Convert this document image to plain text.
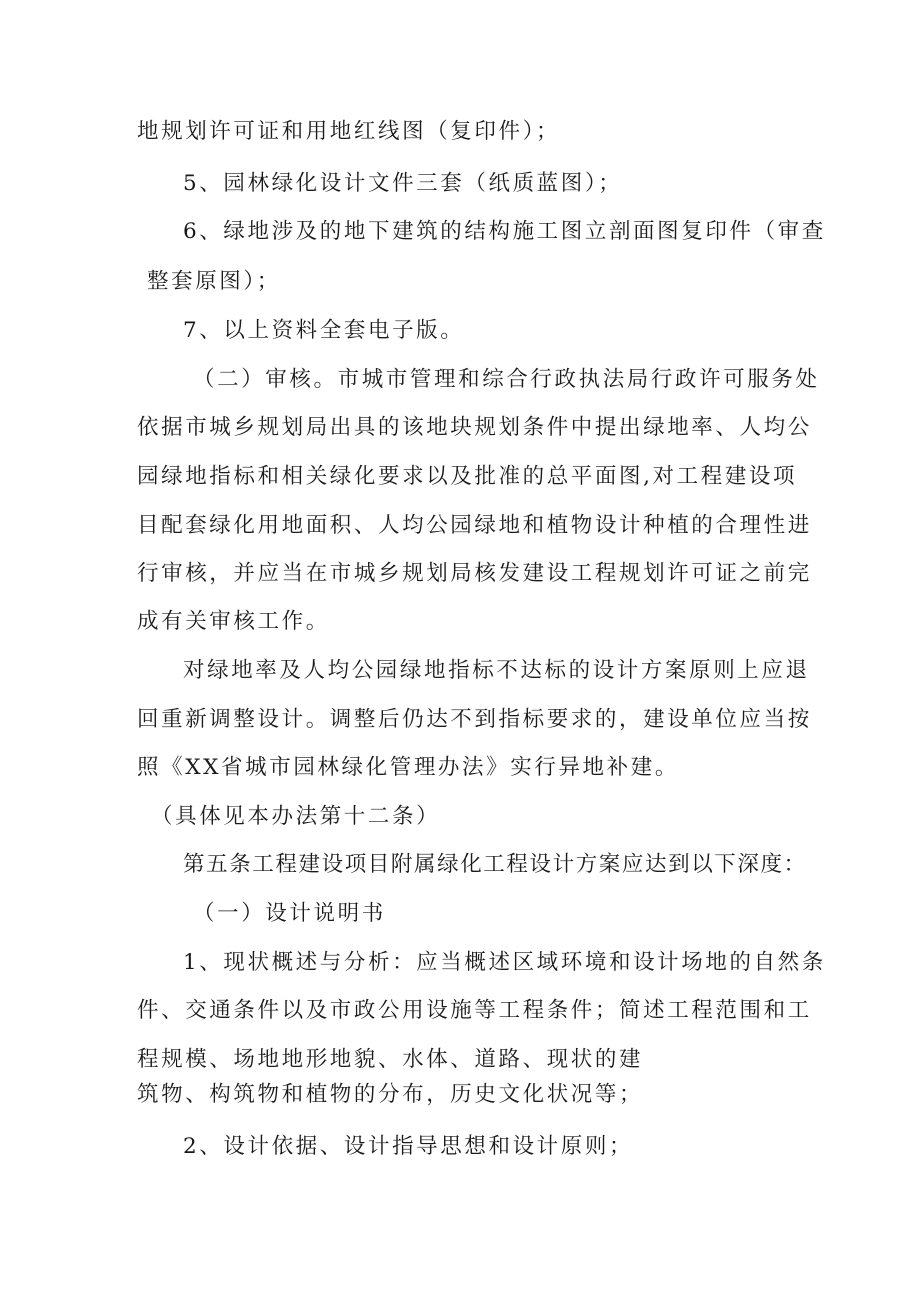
地规划许可证和用地红线图（复印件）；
5、园林绿化设计文件三套（纸质蓝图）；
6、绿地涉及的地下建筑的结构施工图立剖面图复印件（审查
整套原图）；
7、以上资料全套电子版。
（二）审核。市城市管理和综合行政执法局行政许可服务处
依据市城乡规划局出具的该地块规划条件中提出绿地率、人均公
园绿地指标和相关绿化要求以及批准的总平面图,对工程建设项
目配套绿化用地面积、人均公园绿地和植物设计种植的合理性进
行审核，并应当在市城乡规划局核发建设工程规划许可证之前完
成有关审核工作。
对绿地率及人均公园绿地指标不达标的设计方案原则上应退
回重新调整设计。调整后仍达不到指标要求的，建设单位应当按
照《XX省城市园林绿化管理办法》实行异地补建。
（具体见本办法第十二条）
第五条工程建设项目附属绿化工程设计方案应达到以下深度：
（一）设计说明书
1、现状概述与分析：应当概述区域环境和设计场地的自然条
件、交通条件以及市政公用设施等工程条件；简述工程范围和工
程规模、场地地形地貌、水体、道路、现状的建
筑物、构筑物和植物的分布，历史文化状况等；
2、设计依据、设计指导思想和设计原则；
